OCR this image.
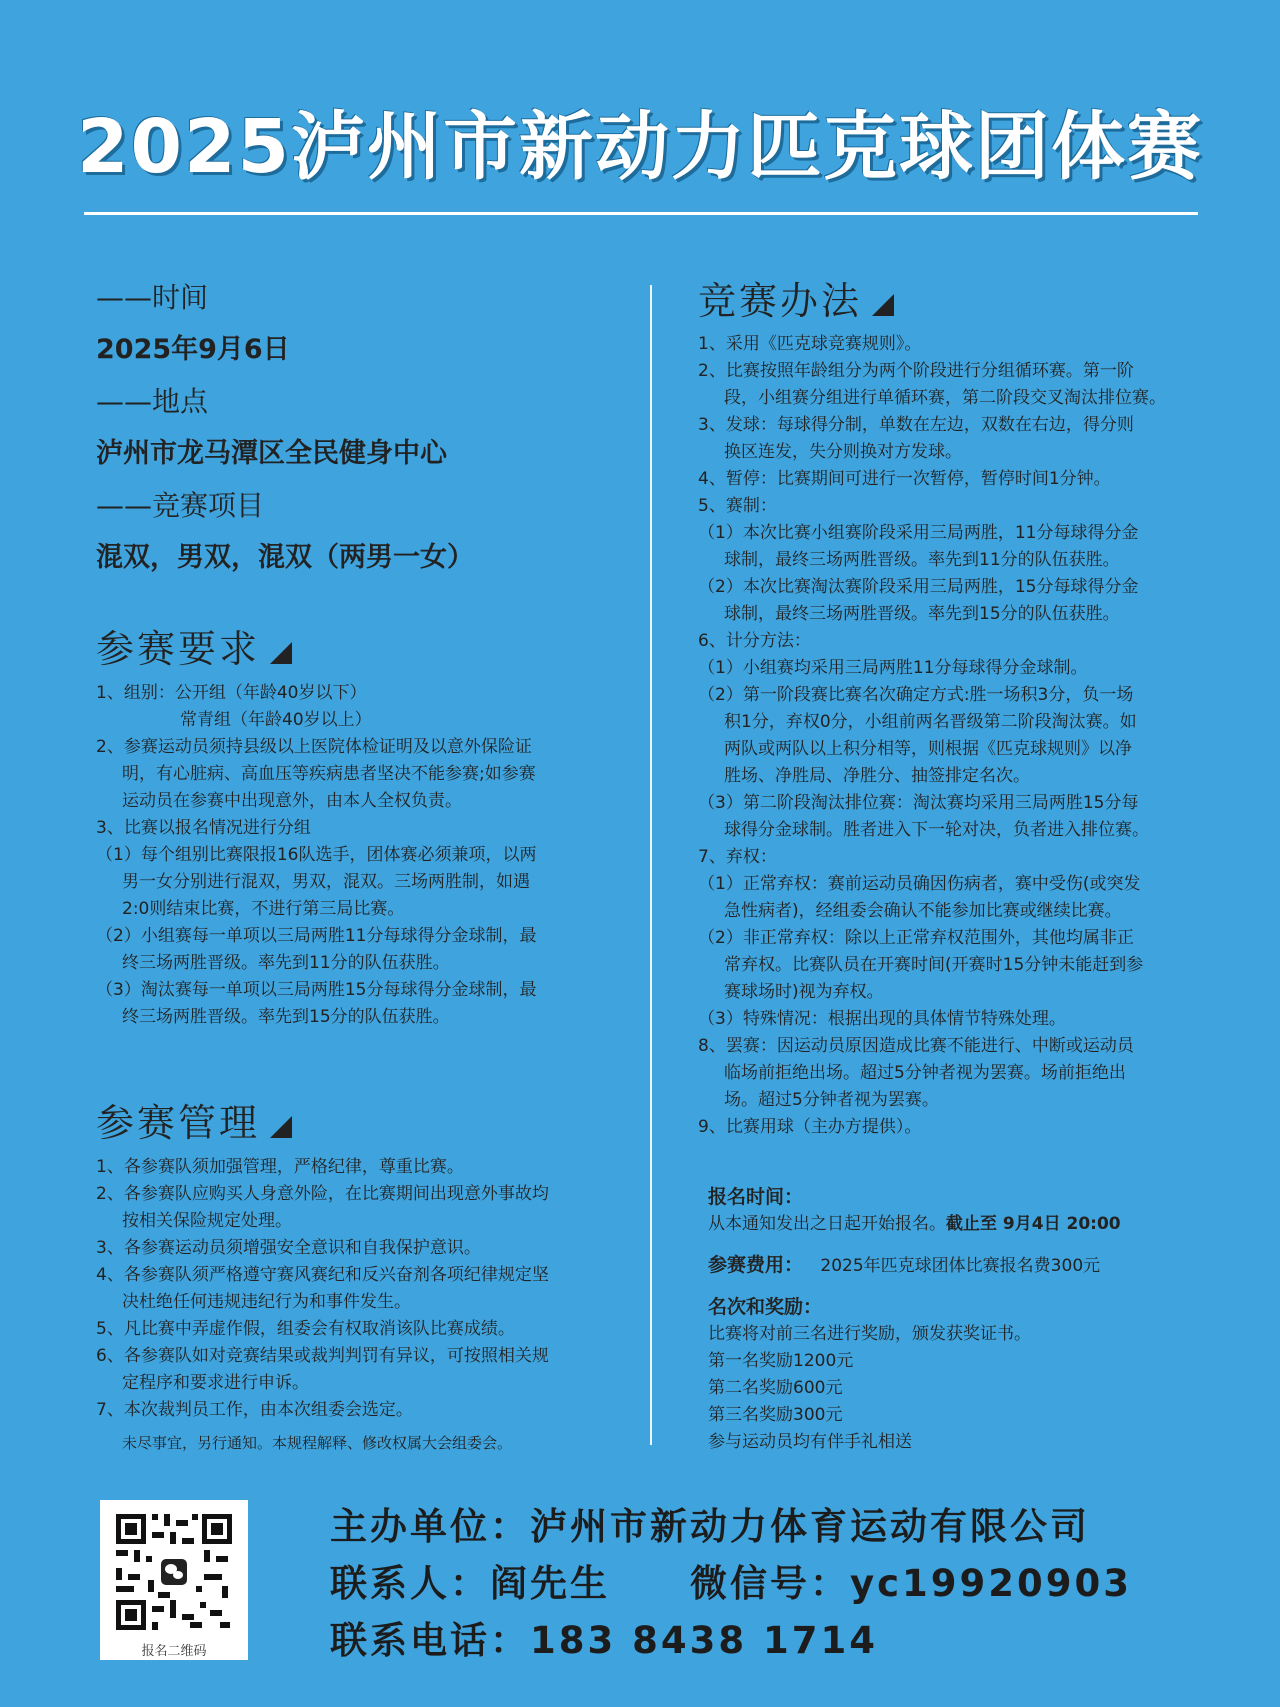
2025泸州市新动力匹克球团体赛
——时间
2025年9月6日
——地点
泸州市龙马潭区全民健身中心
——竞赛项目
混双，男双，混双（两男一女）
参赛要求
1、组别：公开组（年龄40岁以下）
常青组（年龄40岁以上）
2、参赛运动员须持县级以上医院体检证明及以意外保险证
明，有心脏病、高血压等疾病患者坚决不能参赛;如参赛
运动员在参赛中出现意外，由本人全权负责。
3、比赛以报名情况进行分组
（1）每个组别比赛限报16队选手，团体赛必须兼项，以两
男一女分别进行混双，男双，混双。三场两胜制，如遇
2:0则结束比赛，不进行第三局比赛。
（2）小组赛每一单项以三局两胜11分每球得分金球制，最
终三场两胜晋级。率先到11分的队伍获胜。
（3）淘汰赛每一单项以三局两胜15分每球得分金球制，最
终三场两胜晋级。率先到15分的队伍获胜。
参赛管理
1、各参赛队须加强管理，严格纪律，尊重比赛。
2、各参赛队应购买人身意外险，在比赛期间出现意外事故均
按相关保险规定处理。
3、各参赛运动员须增强安全意识和自我保护意识。
4、各参赛队须严格遵守赛风赛纪和反兴奋剂各项纪律规定坚
决杜绝任何违规违纪行为和事件发生。
5、凡比赛中弄虚作假，组委会有权取消该队比赛成绩。
6、各参赛队如对竞赛结果或裁判判罚有异议，可按照相关规
定程序和要求进行申诉。
7、本次裁判员工作，由本次组委会选定。
未尽事宜，另行通知。本规程解释、修改权属大会组委会。
竞赛办法
1、采用《匹克球竞赛规则》。
2、比赛按照年龄组分为两个阶段进行分组循环赛。第一阶
段，小组赛分组进行单循环赛，第二阶段交叉淘汰排位赛。
3、发球：每球得分制，单数在左边，双数在右边，得分则
换区连发，失分则换对方发球。
4、暂停：比赛期间可进行一次暂停，暂停时间1分钟。
5、赛制：
（1）本次比赛小组赛阶段采用三局两胜，11分每球得分金
球制，最终三场两胜晋级。率先到11分的队伍获胜。
（2）本次比赛淘汰赛阶段采用三局两胜，15分每球得分金
球制，最终三场两胜晋级。率先到15分的队伍获胜。
6、计分方法：
（1）小组赛均采用三局两胜11分每球得分金球制。
（2）第一阶段赛比赛名次确定方式:胜一场积3分，负一场
积1分，弃权0分，小组前两名晋级第二阶段淘汰赛。如
两队或两队以上积分相等，则根据《匹克球规则》以净
胜场、净胜局、净胜分、抽签排定名次。
（3）第二阶段淘汰排位赛：淘汰赛均采用三局两胜15分每
球得分金球制。胜者进入下一轮对决，负者进入排位赛。
7、弃权：
（1）正常弃权：赛前运动员确因伤病者，赛中受伤(或突发
急性病者)，经组委会确认不能参加比赛或继续比赛。
（2）非正常弃权：除以上正常弃权范围外，其他均属非正
常弃权。比赛队员在开赛时间(开赛时15分钟未能赶到参
赛球场时)视为弃权。
（3）特殊情况：根据出现的具体情节特殊处理。
8、罢赛：因运动员原因造成比赛不能进行、中断或运动员
临场前拒绝出场。超过5分钟者视为罢赛。场前拒绝出
场。超过5分钟者视为罢赛。
9、比赛用球（主办方提供）。
报名时间：
从本通知发出之日起开始报名。截止至 9月4日 20:00
参赛费用： 2025年匹克球团体比赛报名费300元
名次和奖励：
比赛将对前三名进行奖励，颁发获奖证书。
第一名奖励1200元
第二名奖励600元
第三名奖励300元
参与运动员均有伴手礼相送
报名二维码
主办单位：泸州市新动力体育运动有限公司
联系人：阎先生 微信号：yc19920903
联系电话：183 8438 1714
